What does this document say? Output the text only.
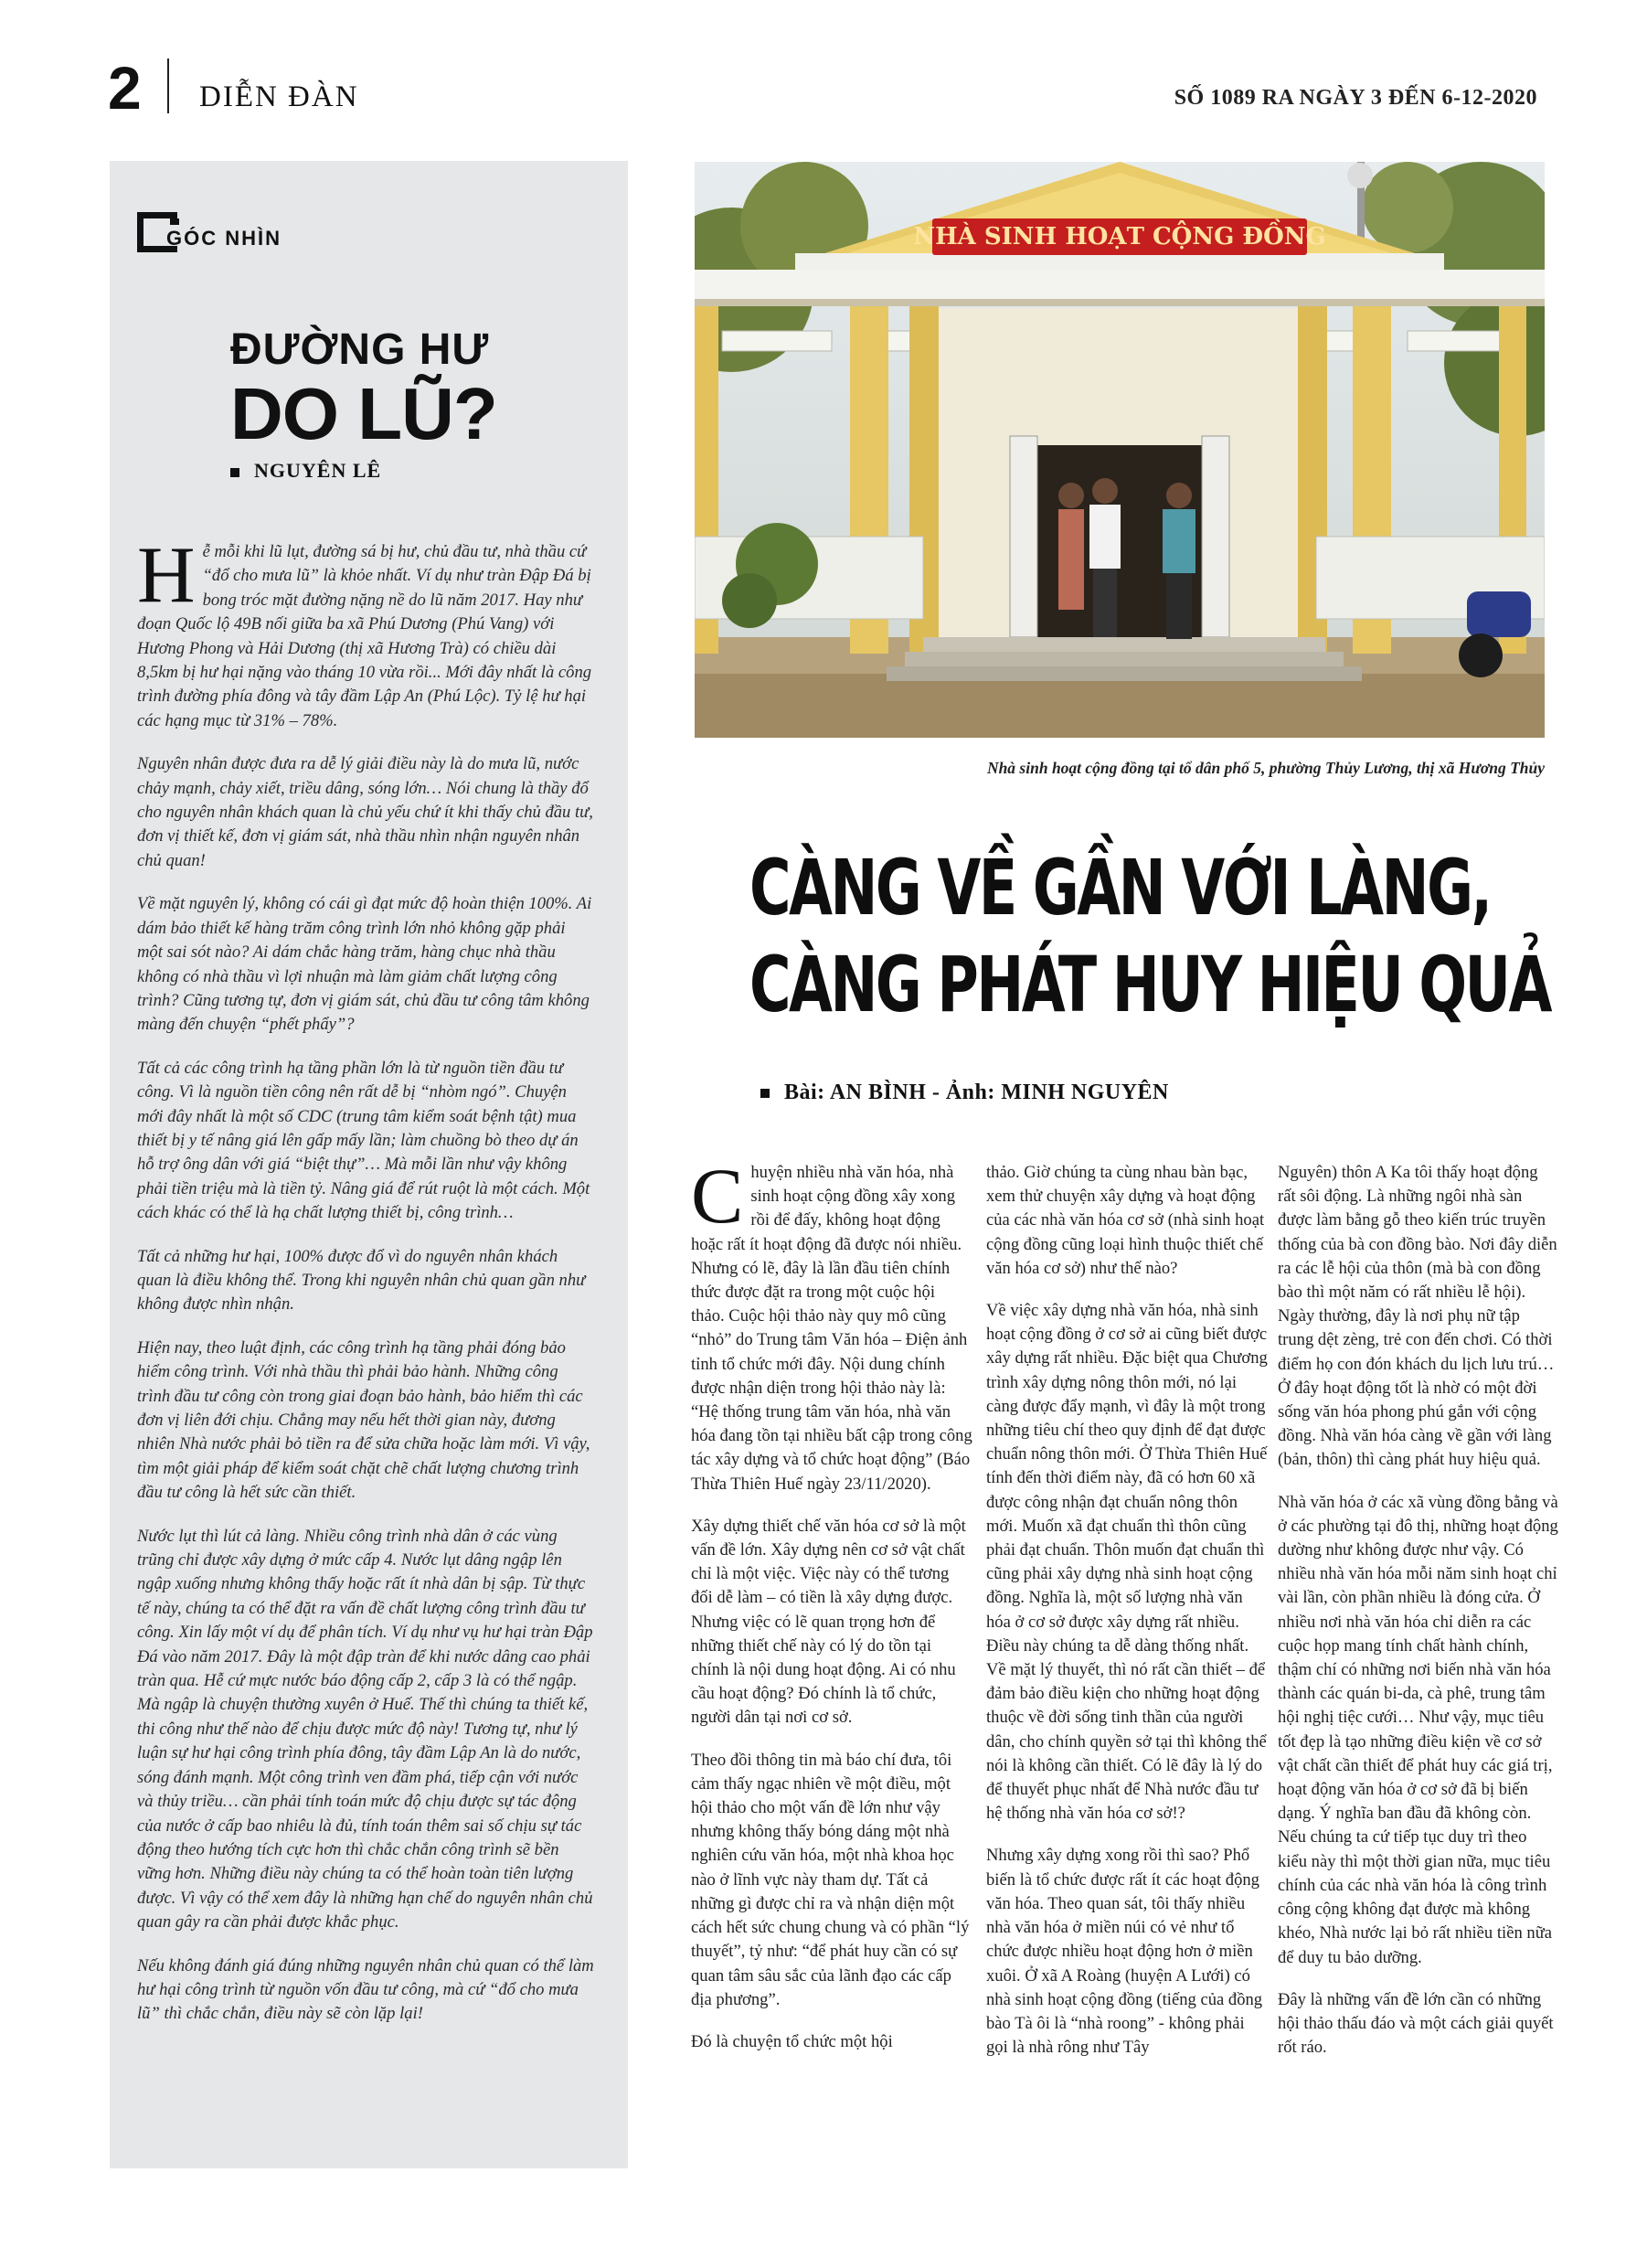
2 DIỄN ĐÀN	SỐ 1089 RA NGÀY 3 ĐẾN 6-12-2020
GÓC NHÌN
ĐƯỜNG HƯ
DO LŨ?
NGUYÊN LÊ

Hễ mỗi khi lũ lụt, đường sá bị hư, chủ đầu tư, nhà thầu cứ “đổ cho mưa lũ” là khỏe nhất. Ví dụ như tràn Đập Đá bị bong tróc mặt đường nặng nề do lũ năm 2017. Hay như đoạn Quốc lộ 49B nối giữa ba xã Phú Dương (Phú Vang) với Hương Phong và Hải Dương (thị xã Hương Trà) có chiều dài 8,5km bị hư hại nặng vào tháng 10 vừa rồi... Mới đây nhất là công trình đường phía đông và tây đầm Lập An (Phú Lộc). Tỷ lệ hư hại các hạng mục từ 31% – 78%.

Nguyên nhân được đưa ra dễ lý giải điều này là do mưa lũ, nước chảy mạnh, chảy xiết, triều dâng, sóng lớn… Nói chung là thầy đổ cho nguyên nhân khách quan là chủ yếu chứ ít khi thấy chủ đầu tư, đơn vị thiết kế, đơn vị giám sát, nhà thầu nhìn nhận nguyên nhân chủ quan!

Về mặt nguyên lý, không có cái gì đạt mức độ hoàn thiện 100%. Ai dám bảo thiết kế hàng trăm công trình lớn nhỏ không gặp phải một sai sót nào? Ai dám chắc hàng trăm, hàng chục nhà thầu không có nhà thầu vì lợi nhuận mà làm giảm chất lượng công trình? Cũng tương tự, đơn vị giám sát, chủ đầu tư công tâm không màng đến chuyện “phết phẩy”?

Tất cả các công trình hạ tầng phần lớn là từ nguồn tiền đầu tư công. Vì là nguồn tiền công nên rất dễ bị “nhòm ngó”. Chuyện mới đây nhất là một số CDC (trung tâm kiểm soát bệnh tật) mua thiết bị y tế nâng giá lên gấp mấy lần; làm chuồng bò theo dự án hỗ trợ ông dân với giá “biệt thự”… Mà mỗi lần như vậy không phải tiền triệu mà là tiền tỷ. Nâng giá để rút ruột là một cách. Một cách khác có thể là hạ chất lượng thiết bị, công trình…

Tất cả những hư hại, 100% được đổ vì do nguyên nhân khách quan là điều không thể. Trong khi nguyên nhân chủ quan gần như không được nhìn nhận.

Hiện nay, theo luật định, các công trình hạ tầng phải đóng bảo hiểm công trình. Với nhà thầu thì phải bảo hành. Những công trình đầu tư công còn trong giai đoạn bảo hành, bảo hiểm thì các đơn vị liên đới chịu. Chẳng may nếu hết thời gian này, đương nhiên Nhà nước phải bỏ tiền ra để sửa chữa hoặc làm mới. Vì vậy, tìm một giải pháp để kiểm soát chặt chẽ chất lượng chương trình đầu tư công là hết sức cần thiết.

Nước lụt thì lút cả làng. Nhiều công trình nhà dân ở các vùng trũng chỉ được xây dựng ở mức cấp 4. Nước lụt dâng ngập lên ngập xuống nhưng không thấy hoặc rất ít nhà dân bị sập. Từ thực tế này, chúng ta có thể đặt ra vấn đề chất lượng công trình đầu tư công. Xin lấy một ví dụ để phân tích. Ví dụ như vụ hư hại tràn Đập Đá vào năm 2017. Đây là một đập tràn để khi nước dâng cao phải tràn qua. Hễ cứ mực nước báo động cấp 2, cấp 3 là có thể ngập. Mà ngập là chuyện thường xuyên ở Huế. Thế thì chúng ta thiết kế, thi công như thế nào để chịu được mức độ này! Tương tự, như lý luận sự hư hại công trình phía đông, tây đầm Lập An là do nước, sóng đánh mạnh. Một công trình ven đầm phá, tiếp cận với nước và thủy triều… cần phải tính toán mức độ chịu được sự tác động của nước ở cấp bao nhiêu là đủ, tính toán thêm sai số chịu sự tác động theo hướng tích cực hơn thì chắc chắn công trình sẽ bền vững hơn. Những điều này chúng ta có thể hoàn toàn tiên lượng được. Vì vậy có thể xem đây là những hạn chế do nguyên nhân chủ quan gây ra cần phải được khắc phục.

Nếu không đánh giá đúng những nguyên nhân chủ quan có thể làm hư hại công trình từ nguồn vốn đầu tư công, mà cứ “đổ cho mưa lũ” thì chắc chắn, điều này sẽ còn lặp lại!

NHÀ SINH HOẠT CỘNG ĐỒNG
Nhà sinh hoạt cộng đồng tại tổ dân phố 5, phường Thủy Lương, thị xã Hương Thủy
CÀNG VỀ GẦN VỚI LÀNG,
CÀNG PHÁT HUY HIỆU QUẢ
Bài: AN BÌNH - Ảnh: MINH NGUYÊN

Chuyện nhiều nhà văn hóa, nhà sinh hoạt cộng đồng xây xong rồi để đấy, không hoạt động hoặc rất ít hoạt động đã được nói nhiều. Nhưng có lẽ, đây là lần đầu tiên chính thức được đặt ra trong một cuộc hội thảo. Cuộc hội thảo này quy mô cũng “nhỏ” do Trung tâm Văn hóa – Điện ảnh tỉnh tổ chức mới đây. Nội dung chính được nhận diện trong hội thảo này là: “Hệ thống trung tâm văn hóa, nhà văn hóa đang tồn tại nhiều bất cập trong công tác xây dựng và tổ chức hoạt động” (Báo Thừa Thiên Huế ngày 23/11/2020).

Xây dựng thiết chế văn hóa cơ sở là một vấn đề lớn. Xây dựng nên cơ sở vật chất chỉ là một việc. Việc này có thể tương đối dễ làm – có tiền là xây dựng được. Nhưng việc có lẽ quan trọng hơn để những thiết chế này có lý do tồn tại chính là nội dung hoạt động. Ai có nhu cầu hoạt động? Đó chính là tổ chức, người dân tại nơi cơ sở.

Theo đồi thông tin mà báo chí đưa, tôi cảm thấy ngạc nhiên về một điều, một hội thảo cho một vấn đề lớn như vậy nhưng không thấy bóng dáng một nhà nghiên cứu văn hóa, một nhà khoa học nào ở lĩnh vực này tham dự. Tất cả những gì được chỉ ra và nhận diện một cách hết sức chung chung và có phần “lý thuyết”, tỷ như: “để phát huy cần có sự quan tâm sâu sắc của lãnh đạo các cấp địa phương”.

Đó là chuyện tổ chức một hội

thảo. Giờ chúng ta cùng nhau bàn bạc, xem thử chuyện xây dựng và hoạt động của các nhà văn hóa cơ sở (nhà sinh hoạt cộng đồng cũng loại hình thuộc thiết chế văn hóa cơ sở) như thế nào?

Về việc xây dựng nhà văn hóa, nhà sinh hoạt cộng đồng ở cơ sở ai cũng biết được xây dựng rất nhiều. Đặc biệt qua Chương trình xây dựng nông thôn mới, nó lại càng được đẩy mạnh, vì đây là một trong những tiêu chí theo quy định để đạt được chuẩn nông thôn mới. Ở Thừa Thiên Huế tính đến thời điểm này, đã có hơn 60 xã được công nhận đạt chuẩn nông thôn mới. Muốn xã đạt chuẩn thì thôn cũng phải đạt chuẩn. Thôn muốn đạt chuẩn thì cũng phải xây dựng nhà sinh hoạt cộng đồng. Nghĩa là, một số lượng nhà văn hóa ở cơ sở được xây dựng rất nhiều. Điều này chúng ta dễ dàng thống nhất. Về mặt lý thuyết, thì nó rất cần thiết – để đảm bảo điều kiện cho những hoạt động thuộc về đời sống tinh thần của người dân, cho chính quyền sở tại thì không thể nói là không cần thiết. Có lẽ đây là lý do để thuyết phục nhất để Nhà nước đầu tư hệ thống nhà văn hóa cơ sở!?

Nhưng xây dựng xong rồi thì sao? Phổ biến là tổ chức được rất ít các hoạt động văn hóa. Theo quan sát, tôi thấy nhiều nhà văn hóa ở miền núi có vẻ như tổ chức được nhiều hoạt động hơn ở miền xuôi. Ở xã A Roàng (huyện A Lưới) có nhà sinh hoạt cộng đồng (tiếng của đồng bào Tà ôi là “nhà roong” - không phải gọi là nhà rông như Tây

Nguyên) thôn A Ka tôi thấy hoạt động rất sôi động. Là những ngôi nhà sàn được làm bằng gỗ theo kiến trúc truyền thống của bà con đồng bào. Nơi đây diễn ra các lễ hội của thôn (mà bà con đồng bào thì một năm có rất nhiều lễ hội). Ngày thường, đây là nơi phụ nữ tập trung dệt zèng, trẻ con đến chơi. Có thời điểm họ con đón khách du lịch lưu trú… Ở đây hoạt động tốt là nhờ có một đời sống văn hóa phong phú gắn với cộng đồng. Nhà văn hóa càng về gần với làng (bản, thôn) thì càng phát huy hiệu quả.

Nhà văn hóa ở các xã vùng đồng bằng và ở các phường tại đô thị, những hoạt động dường như không được như vậy. Có nhiều nhà văn hóa mỗi năm sinh hoạt chỉ vài lần, còn phần nhiều là đóng cửa. Ở nhiều nơi nhà văn hóa chỉ diễn ra các cuộc họp mang tính chất hành chính, thậm chí có những nơi biến nhà văn hóa thành các quán bi-da, cà phê, trung tâm hội nghị tiệc cưới… Như vậy, mục tiêu tốt đẹp là tạo những điều kiện về cơ sở vật chất cần thiết để phát huy các giá trị, hoạt động văn hóa ở cơ sở đã bị biến dạng. Ý nghĩa ban đầu đã không còn. Nếu chúng ta cứ tiếp tục duy trì theo kiểu này thì một thời gian nữa, mục tiêu chính của các nhà văn hóa là công trình công cộng không đạt được mà không khéo, Nhà nước lại bỏ rất nhiều tiền nữa để duy tu bảo dưỡng.

Đây là những vấn đề lớn cần có những hội thảo thấu đáo và một cách giải quyết rốt ráo.
